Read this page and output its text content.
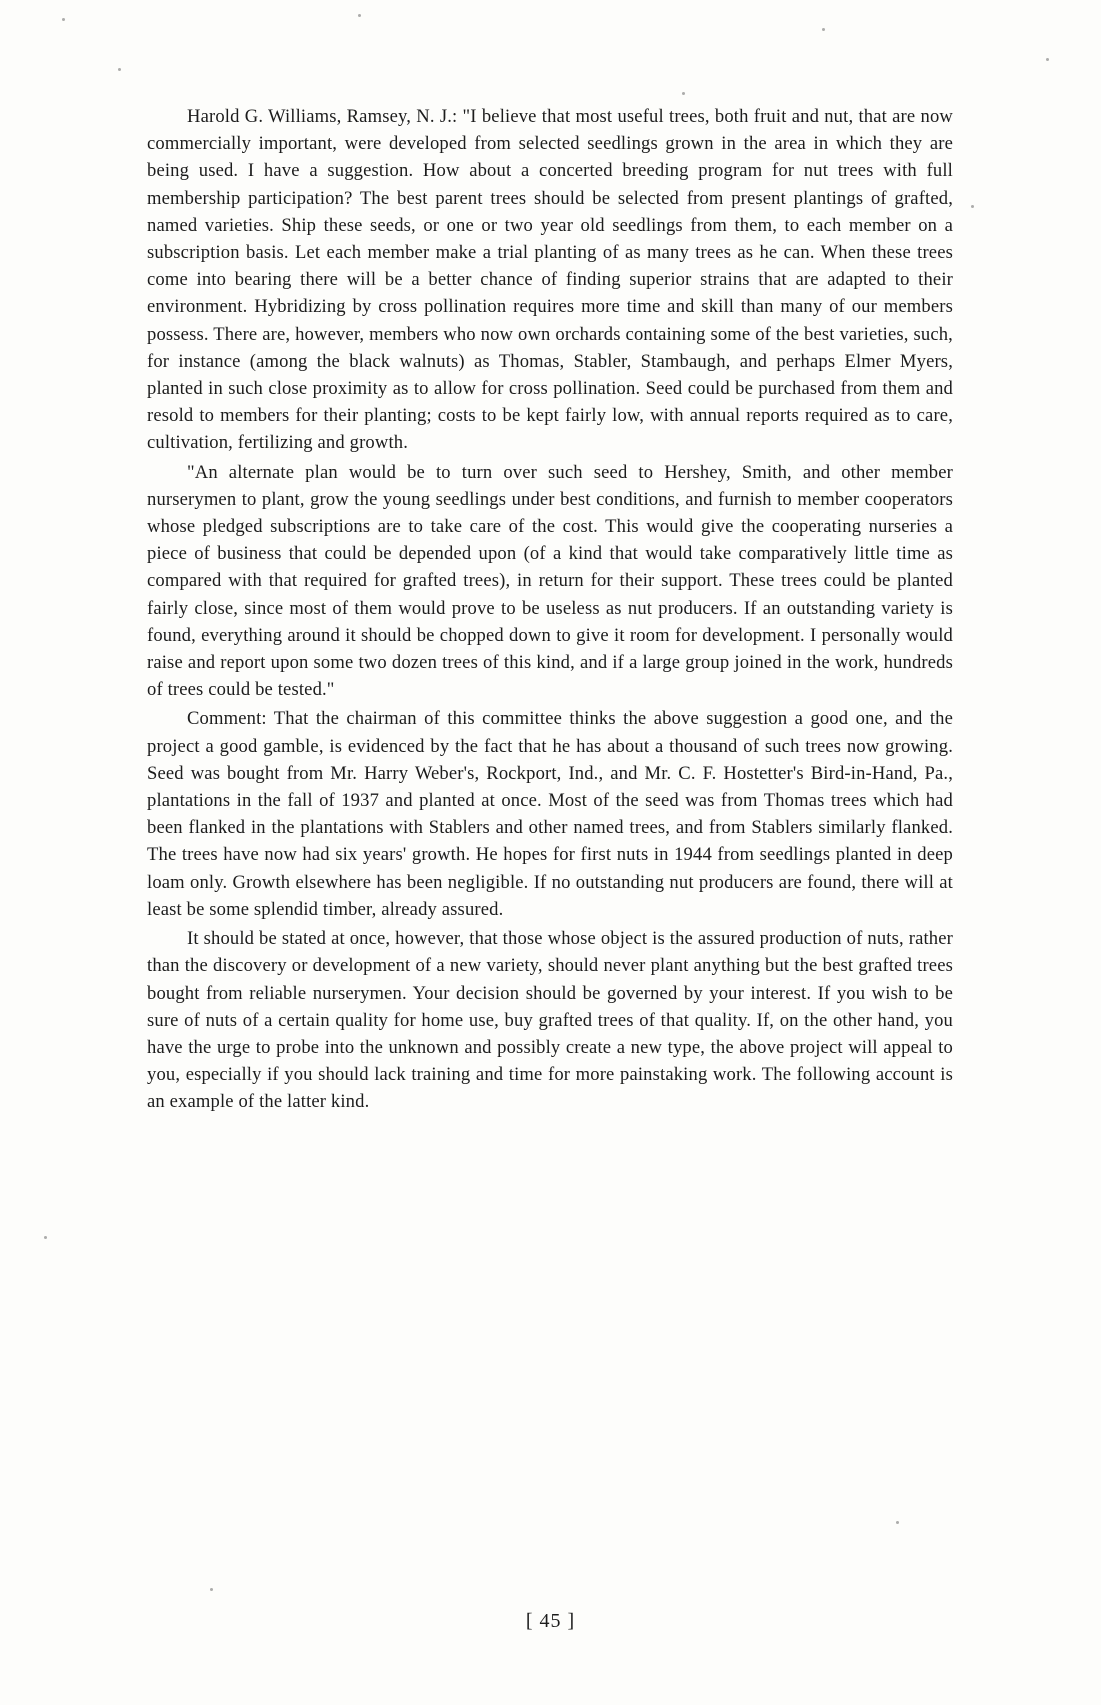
Harold G. Williams, Ramsey, N. J.: "I believe that most useful trees, both fruit and nut, that are now commercially important, were developed from selected seedlings grown in the area in which they are being used. I have a suggestion. How about a concerted breeding program for nut trees with full membership participation? The best parent trees should be selected from present plantings of grafted, named varieties. Ship these seeds, or one or two year old seedlings from them, to each member on a subscription basis. Let each member make a trial planting of as many trees as he can. When these trees come into bearing there will be a better chance of finding superior strains that are adapted to their environment. Hybridizing by cross pollination requires more time and skill than many of our members possess. There are, however, members who now own orchards containing some of the best varieties, such, for instance (among the black walnuts) as Thomas, Stabler, Stambaugh, and perhaps Elmer Myers, planted in such close proximity as to allow for cross pollination. Seed could be purchased from them and resold to members for their planting; costs to be kept fairly low, with annual reports required as to care, cultivation, fertilizing and growth.

"An alternate plan would be to turn over such seed to Hershey, Smith, and other member nurserymen to plant, grow the young seedlings under best conditions, and furnish to member cooperators whose pledged subscriptions are to take care of the cost. This would give the cooperating nurseries a piece of business that could be depended upon (of a kind that would take comparatively little time as compared with that required for grafted trees), in return for their support. These trees could be planted fairly close, since most of them would prove to be useless as nut producers. If an outstanding variety is found, everything around it should be chopped down to give it room for development. I personally would raise and report upon some two dozen trees of this kind, and if a large group joined in the work, hundreds of trees could be tested."

Comment: That the chairman of this committee thinks the above suggestion a good one, and the project a good gamble, is evidenced by the fact that he has about a thousand of such trees now growing. Seed was bought from Mr. Harry Weber's, Rockport, Ind., and Mr. C. F. Hostetter's Bird-in-Hand, Pa., plantations in the fall of 1937 and planted at once. Most of the seed was from Thomas trees which had been flanked in the plantations with Stablers and other named trees, and from Stablers similarly flanked. The trees have now had six years' growth. He hopes for first nuts in 1944 from seedlings planted in deep loam only. Growth elsewhere has been negligible. If no outstanding nut producers are found, there will at least be some splendid timber, already assured.

It should be stated at once, however, that those whose object is the assured production of nuts, rather than the discovery or development of a new variety, should never plant anything but the best grafted trees bought from reliable nurserymen. Your decision should be governed by your interest. If you wish to be sure of nuts of a certain quality for home use, buy grafted trees of that quality. If, on the other hand, you have the urge to probe into the unknown and possibly create a new type, the above project will appeal to you, especially if you should lack training and time for more painstaking work. The following account is an example of the latter kind.

[ 45 ]
